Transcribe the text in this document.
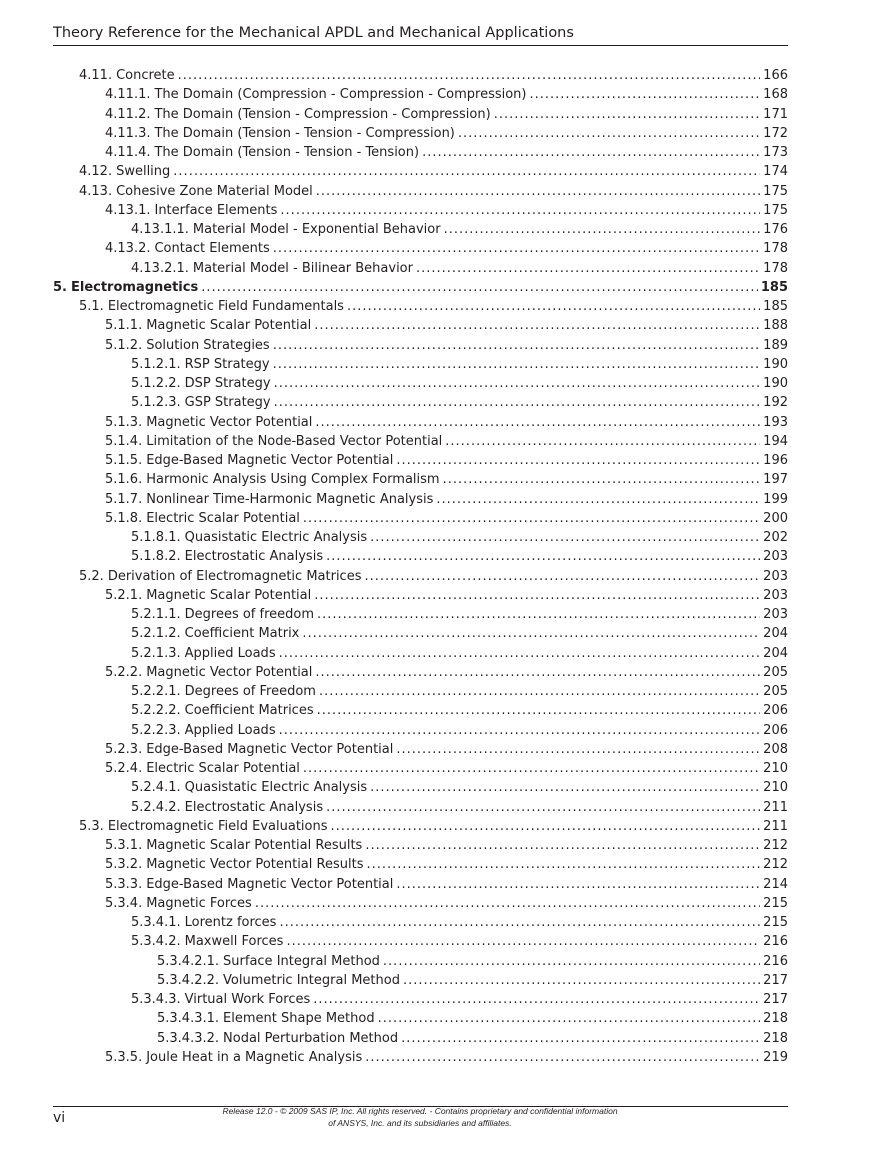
Theory Reference for the Mechanical APDL and Mechanical Applications
4.11. Concrete .....	166
4.11.1. The Domain (Compression - Compression - Compression) .....	168
4.11.2. The Domain (Tension - Compression - Compression) .....	171
4.11.3. The Domain (Tension - Tension - Compression) .....	172
4.11.4. The Domain (Tension - Tension - Tension) .....	173
4.12. Swelling .....	174
4.13. Cohesive Zone Material Model .....	175
4.13.1. Interface Elements .....	175
4.13.1.1. Material Model - Exponential Behavior .....	176
4.13.2. Contact Elements .....	178
4.13.2.1. Material Model - Bilinear Behavior .....	178
5. Electromagnetics .....	185
5.1. Electromagnetic Field Fundamentals .....	185
5.1.1. Magnetic Scalar Potential .....	188
5.1.2. Solution Strategies .....	189
5.1.2.1. RSP Strategy .....	190
5.1.2.2. DSP Strategy .....	190
5.1.2.3. GSP Strategy .....	192
5.1.3. Magnetic Vector Potential .....	193
5.1.4. Limitation of the Node-Based Vector Potential .....	194
5.1.5. Edge-Based Magnetic Vector Potential .....	196
5.1.6. Harmonic Analysis Using Complex Formalism .....	197
5.1.7. Nonlinear Time-Harmonic Magnetic Analysis .....	199
5.1.8. Electric Scalar Potential .....	200
5.1.8.1. Quasistatic Electric Analysis .....	202
5.1.8.2. Electrostatic Analysis .....	203
5.2. Derivation of Electromagnetic Matrices .....	203
5.2.1. Magnetic Scalar Potential .....	203
5.2.1.1. Degrees of freedom .....	203
5.2.1.2. Coefficient Matrix .....	204
5.2.1.3. Applied Loads .....	204
5.2.2. Magnetic Vector Potential .....	205
5.2.2.1. Degrees of Freedom .....	205
5.2.2.2. Coefficient Matrices .....	206
5.2.2.3. Applied Loads .....	206
5.2.3. Edge-Based Magnetic Vector Potential .....	208
5.2.4. Electric Scalar Potential .....	210
5.2.4.1. Quasistatic Electric Analysis .....	210
5.2.4.2. Electrostatic Analysis .....	211
5.3. Electromagnetic Field Evaluations .....	211
5.3.1. Magnetic Scalar Potential Results .....	212
5.3.2. Magnetic Vector Potential Results .....	212
5.3.3. Edge-Based Magnetic Vector Potential .....	214
5.3.4. Magnetic Forces .....	215
5.3.4.1. Lorentz forces .....	215
5.3.4.2. Maxwell Forces .....	216
5.3.4.2.1. Surface Integral Method .....	216
5.3.4.2.2. Volumetric Integral Method .....	217
5.3.4.3. Virtual Work Forces .....	217
5.3.4.3.1. Element Shape Method .....	218
5.3.4.3.2. Nodal Perturbation Method .....	218
5.3.5. Joule Heat in a Magnetic Analysis .....	219
vi	Release 12.0 - © 2009 SAS IP, Inc. All rights reserved. - Contains proprietary and confidential information
of ANSYS, Inc. and its subsidiaries and affiliates.
